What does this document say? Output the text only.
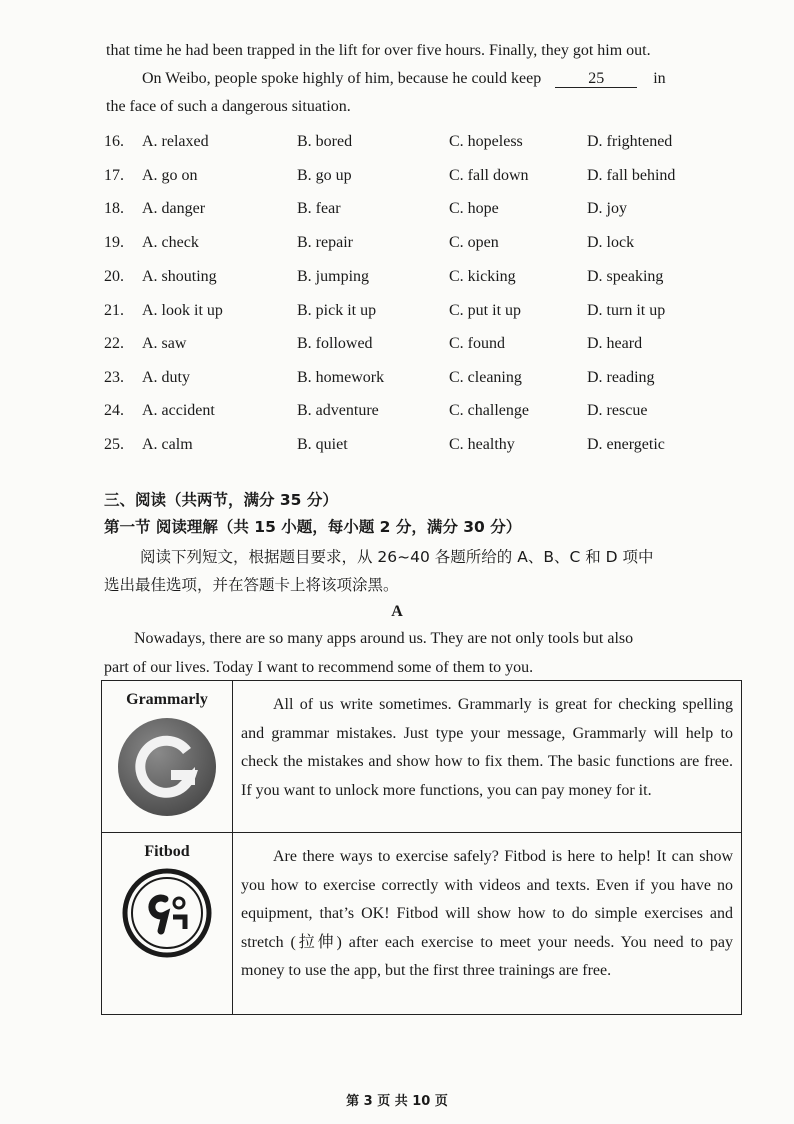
that time he had been trapped in the lift for over five hours. Finally, they got him out.
On Weibo, people spoke highly of him, because he could keep	25	in
the face of such a dangerous situation.
16. A. relaxed	B. bored	C. hopeless	D. frightened
17. A. go on	B. go up	C. fall down	D. fall behind
18. A. danger	B. fear	C. hope	D. joy
19. A. check	B. repair	C. open	D. lock
20. A. shouting	B. jumping	C. kicking	D. speaking
21. A. look it up	B. pick it up	C. put it up	D. turn it up
22. A. saw	B. followed	C. found	D. heard
23. A. duty	B. homework	C. cleaning	D. reading
24. A. accident	B. adventure	C. challenge	D. rescue
25. A. calm	B. quiet	C. healthy	D. energetic
三、阅读（共两节，满分 35 分）
第一节 阅读理解（共 15 小题，每小题 2 分，满分 30 分）
阅读下列短文，根据题目要求，从 26~40 各题所给的 A、B、C 和 D 项中
选出最佳选项，并在答题卡上将该项涂黑。
A
Nowadays, there are so many apps around us. They are not only tools but also
part of our lives. Today I want to recommend some of them to you.
Grammarly	All of us write sometimes. Grammarly is great for checking spelling and grammar mistakes. Just type your message, Grammarly will help to check the mistakes and show how to fix them. The basic functions are free. If you want to unlock more functions, you can pay money for it.

Fitbod	Are there ways to exercise safely? Fitbod is here to help! It can show you how to exercise correctly with videos and texts. Even if you have no equipment, that’s OK! Fitbod will show how to do simple exercises and stretch (拉伸) after each exercise to meet your needs. You need to pay money to use the app, but the first three trainings are free.
第 3 页 共 10 页
